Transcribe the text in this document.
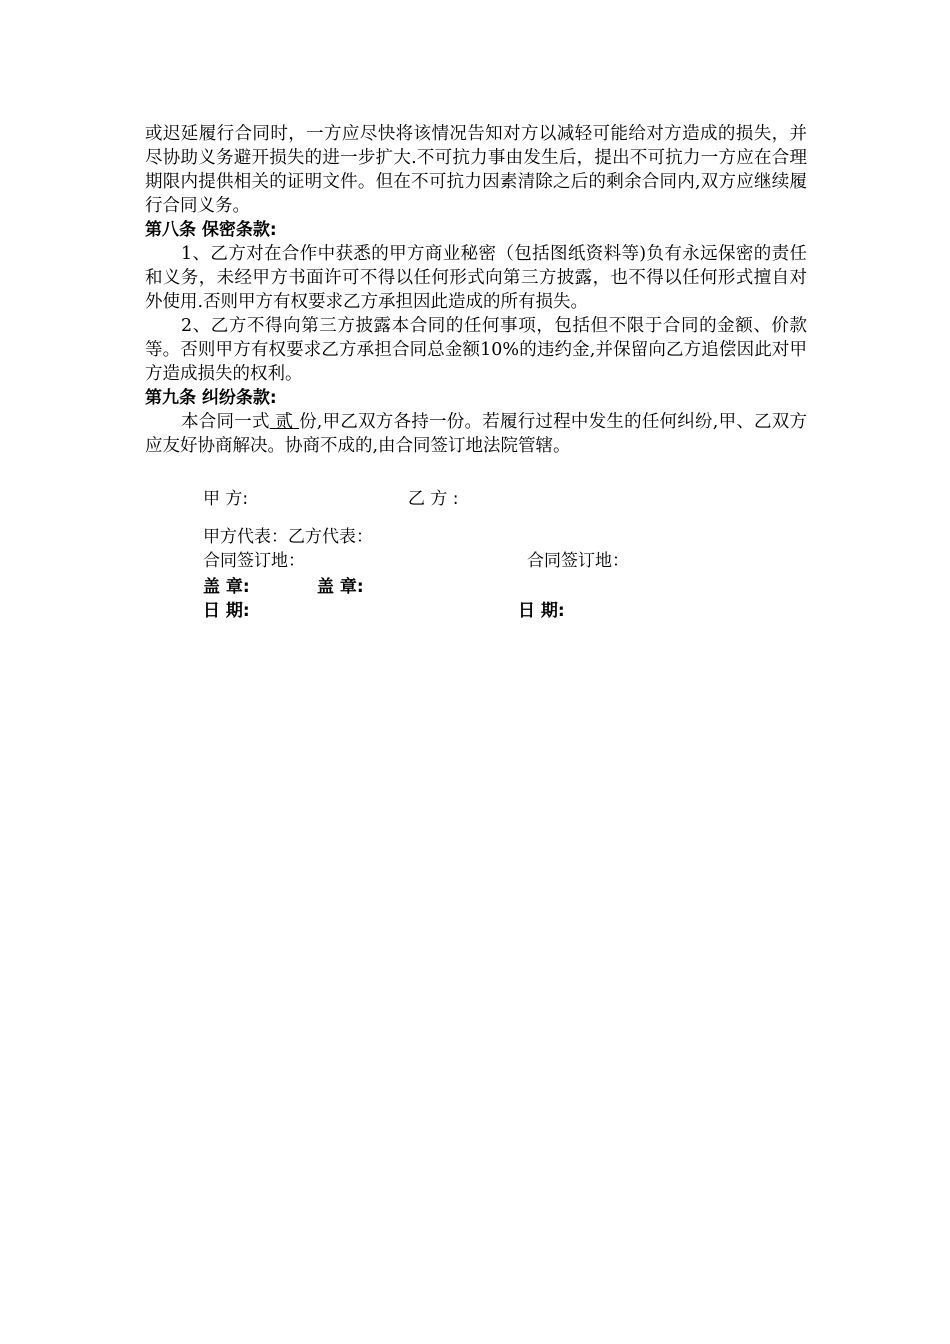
或迟延履行合同时，一方应尽快将该情况告知对方以减轻可能给对方造成的损失，并尽协助义务避开损失的进一步扩大.不可抗力事由发生后，提出不可抗力一方应在合理期限内提供相关的证明文件。但在不可抗力因素清除之后的剩余合同内,双方应继续履行合同义务。

第八条 保密条款:

1、乙方对在合作中获悉的甲方商业秘密（包括图纸资料等)负有永远保密的责任和义务，未经甲方书面许可不得以任何形式向第三方披露，也不得以任何形式擅自对外使用.否则甲方有权要求乙方承担因此造成的所有损失。

2、乙方不得向第三方披露本合同的任何事项，包括但不限于合同的金额、价款等。否则甲方有权要求乙方承担合同总金额10%的违约金,并保留向乙方追偿因此对甲方造成损失的权利。

第九条 纠纷条款:

本合同一式 贰 份,甲乙双方各持一份。若履行过程中发生的任何纠纷,甲、乙双方应友好协商解决。协商不成的,由合同签订地法院管辖。

甲 方:	乙 方 :
甲方代表：乙方代表：
合同签订地：	合同签订地：
盖 章:	盖 章:
日 期:	日 期:
